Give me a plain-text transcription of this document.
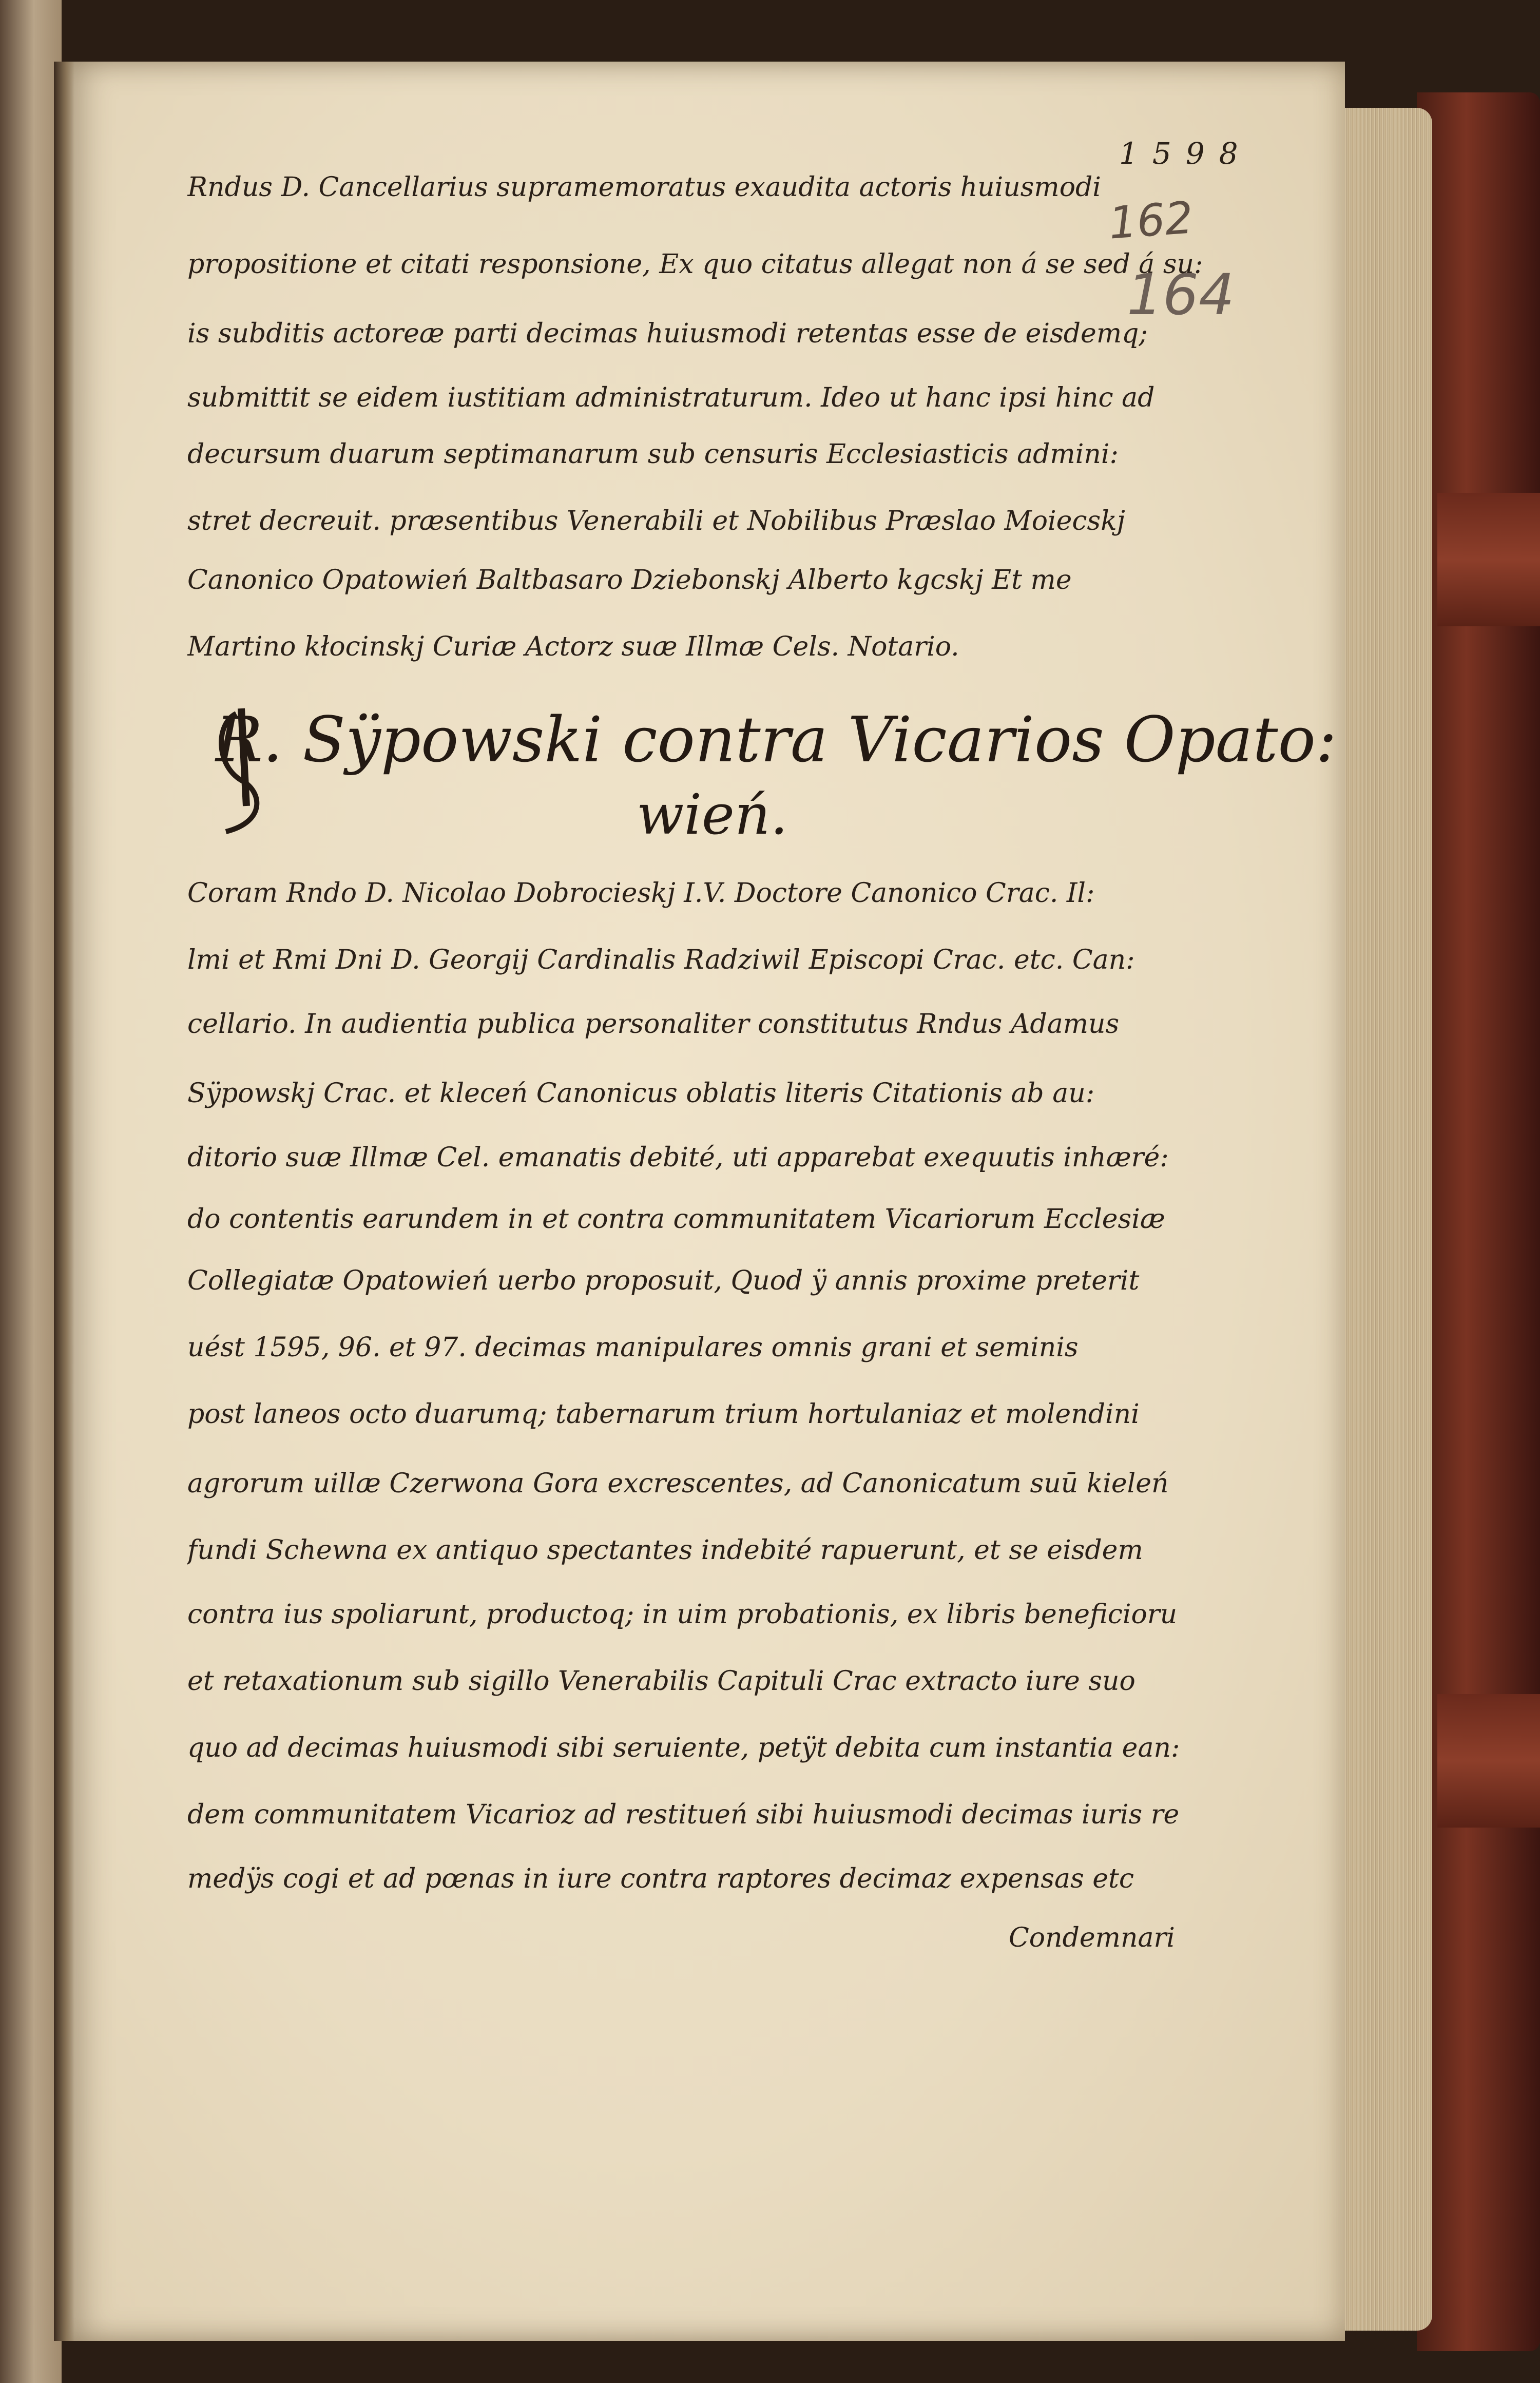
1598
162
164
Rndus D. Cancellarius supramemoratus exaudita actoris huiusmodi
propositione et citati responsione, Ex quo citatus allegat non á se sed á su:
is subditis actoreæ parti decimas huiusmodi retentas esse de eisdemq;
submittit se eidem iustitiam administraturum. Ideo ut hanc ipsi hinc ad
decursum duarum septimanarum sub censuris Ecclesiasticis admini:
stret decreuit. præsentibus Venerabili et Nobilibus Præslao Moiecskj
Canonico Opatowień Baltbasaro Dziebonskj Alberto kgcskj Et me
Martino kłocinskj Curiæ Actorz suæ Illmæ Cels. Notario.
R. Sÿpowski contra Vicarios Opato:
wień.
Coram Rndo D. Nicolao Dobrocieskj I.V. Doctore Canonico Crac. Il:
lmi et Rmi Dni D. Georgij Cardinalis Radziwil Episcopi Crac. etc. Can:
cellario. In audientia publica personaliter constitutus Rndus Adamus
Sÿpowskj Crac. et kleceń Canonicus oblatis literis Citationis ab au:
ditorio suæ Illmæ Cel. emanatis debité, uti apparebat exequutis inhæré:
do contentis earundem in et contra communitatem Vicariorum Ecclesiæ
Collegiatæ Opatowień uerbo proposuit, Quod ÿ annis proxime preterit
uést 1595, 96. et 97. decimas manipulares omnis grani et seminis
post laneos octo duarumq; tabernarum trium hortulaniaz et molendini
agrorum uillæ Czerwona Gora excrescentes, ad Canonicatum suū kieleń
fundi Schewna ex antiquo spectantes indebité rapuerunt, et se eisdem
contra ius spoliarunt, productoq; in uim probationis, ex libris beneficioru
et retaxationum sub sigillo Venerabilis Capituli Crac extracto iure suo
quo ad decimas huiusmodi sibi seruiente, petÿt debita cum instantia ean:
dem communitatem Vicarioz ad restitueń sibi huiusmodi decimas iuris re
medÿs cogi et ad pœnas in iure contra raptores decimaz expensas etc
Condemnari
